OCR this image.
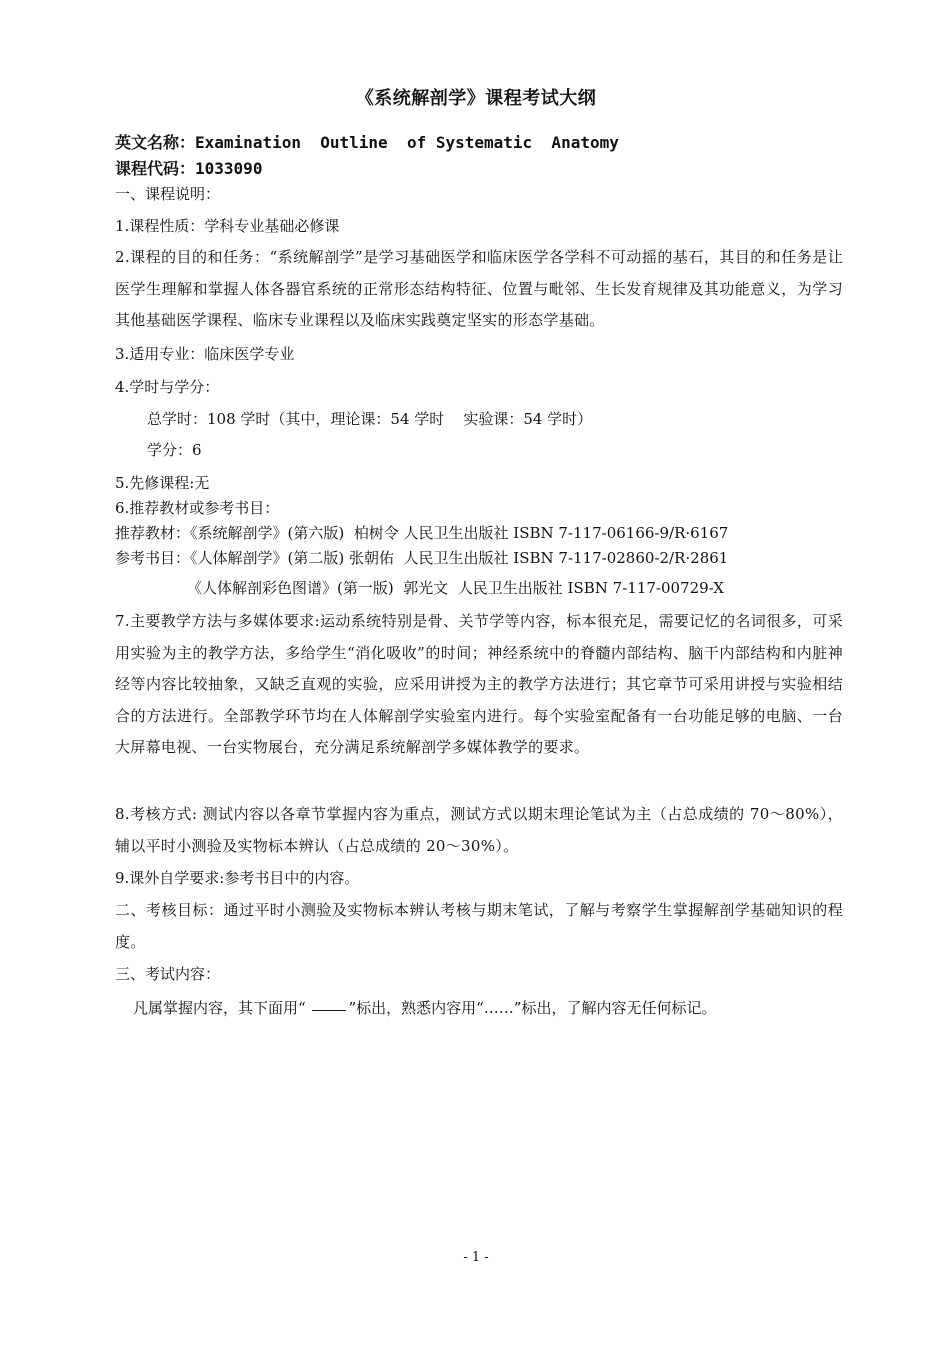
《系统解剖学》课程考试大纲
英文名称：Examination  Outline  of Systematic  Anatomy
课程代码：1033090
一、课程说明：
1.课程性质：学科专业基础必修课
2.课程的目的和任务：“系统解剖学”是学习基础医学和临床医学各学科不可动摇的基石，其目的和任务是让医学生理解和掌握人体各器官系统的正常形态结构特征、位置与毗邻、生长发育规律及其功能意义，为学习其他基础医学课程、临床专业课程以及临床实践奠定坚实的形态学基础。
3.适用专业：临床医学专业
4.学时与学分：
总学时：108 学时（其中，理论课：54 学时    实验课：54 学时）
学分：6
5.先修课程:无
6.推荐教材或参考书目：
推荐教材：《系统解剖学》(第六版)  柏树令 人民卫生出版社 ISBN 7-117-06166-9/R·6167
参考书目：《人体解剖学》(第二版) 张朝佑  人民卫生出版社 ISBN 7-117-02860-2/R·2861
《人体解剖彩色图谱》(第一版)  郭光文  人民卫生出版社 ISBN 7-117-00729-X
7.主要教学方法与多媒体要求:运动系统特别是骨、关节学等内容，标本很充足，需要记忆的名词很多，可采用实验为主的教学方法，多给学生“消化吸收”的时间；神经系统中的脊髓内部结构、脑干内部结构和内脏神经等内容比较抽象，又缺乏直观的实验，应采用讲授为主的教学方法进行；其它章节可采用讲授与实验相结合的方法进行。全部教学环节均在人体解剖学实验室内进行。每个实验室配备有一台功能足够的电脑、一台大屏幕电视、一台实物展台，充分满足系统解剖学多媒体教学的要求。
8.考核方式: 测试内容以各章节掌握内容为重点，测试方式以期末理论笔试为主（占总成绩的 70～80%），辅以平时小测验及实物标本辨认（占总成绩的 20～30%）。
9.课外自学要求:参考书目中的内容。
二、考核目标：通过平时小测验及实物标本辨认考核与期末笔试，了解与考察学生掌握解剖学基础知识的程度。
三、考试内容：
凡属掌握内容，其下面用“	”标出，熟悉内容用“……”标出，了解内容无任何标记。
- 1 -
